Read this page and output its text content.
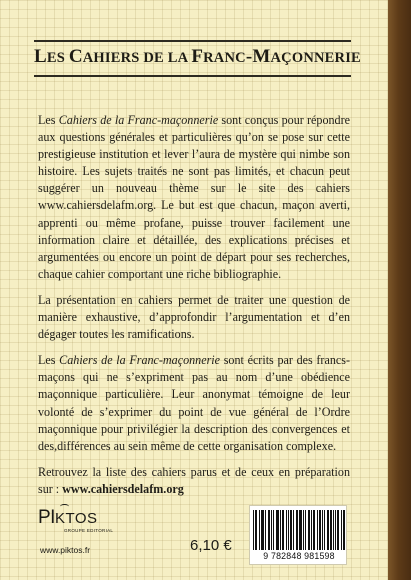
LES CAHIERS DE LA FRANC-MAÇONNERIE

Les Cahiers de la Franc-maçonnerie sont conçus pour répondre aux questions générales et particulières qu’on se pose sur cette prestigieuse institution et lever l’aura de mystère qui nimbe son histoire. Les sujets traités ne sont pas limités, et chacun peut suggérer un nouveau thème sur le site des cahiers www.cahiersdelafm.org. Le but est que chacun, maçon averti, apprenti ou même profane, puisse trouver facilement une information claire et détaillée, des explications précises et argumentées ou encore un point de départ pour ses recherches, chaque cahier comportant une riche bibliographie.

La présentation en cahiers permet de traiter une question de manière exhaustive, d’approfondir l’argumentation et d’en dégager toutes les ramifications.

Les Cahiers de la Franc-maçonnerie sont écrits par des francs-maçons qui ne s’expriment pas au nom d’une obédience maçonnique particulière. Leur anonymat témoigne de leur volonté de s’exprimer du point de vue général de l’Ordre maçonnique pour privilégier la description des convergences et des,différences au sein même de cette organisation complexe.

Retrouvez la liste des cahiers parus et de ceux en préparation sur : www.cahiersdelafm.org

PIKTOS
GROUPE EDITORIAL
www.piktos.fr	6,10 €
9 782848 981598
